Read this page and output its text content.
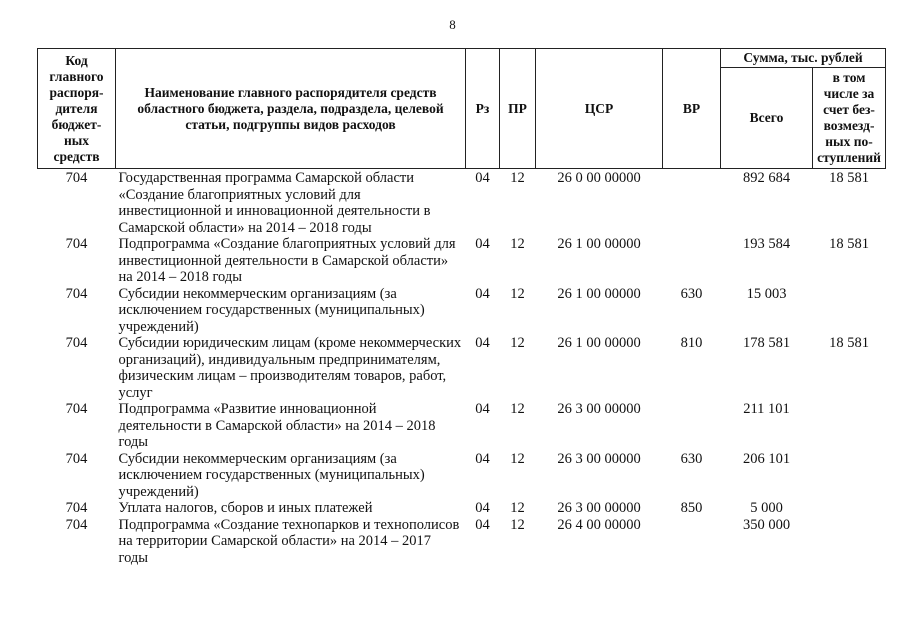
8
Код главного распоря-дителя бюджет-ных средств	Наименование главного распорядителя средств областного бюджета, раздела, подраздела, целевой статьи, подгруппы видов расходов	Рз	ПР	ЦСР	ВР	Сумма, тыс. рублей	
						Всего	в том числе за счет без-возмезд-ных по-ступлений
704	Государственная программа Самарской области «Создание благоприятных условий для инвестиционной и инновационной деятельности в Самарской области» на 2014 – 2018 годы	04	12	26 0 00 00000		892 684	18 581
704	Подпрограмма «Создание благоприятных условий для инвестиционной деятельности в Самарской области» на 2014 – 2018 годы	04	12	26 1 00 00000		193 584	18 581
704	Субсидии некоммерческим организациям (за исключением государственных (муниципальных) учреждений)	04	12	26 1 00 00000	630	15 003	
704	Субсидии юридическим лицам (кроме некоммерческих организаций), индивидуальным предпринимателям, физическим лицам – производителям товаров, работ, услуг	04	12	26 1 00 00000	810	178 581	18 581
704	Подпрограмма «Развитие инновационной деятельности в Самарской области» на 2014 – 2018 годы	04	12	26 3 00 00000		211 101	
704	Субсидии некоммерческим организациям (за исключением государственных (муниципальных) учреждений)	04	12	26 3 00 00000	630	206 101	
704	Уплата налогов, сборов и иных платежей	04	12	26 3 00 00000	850	5 000	
704	Подпрограмма «Создание технопарков и технополисов на территории Самарской области» на 2014 – 2017 годы	04	12	26 4 00 00000		350 000	
